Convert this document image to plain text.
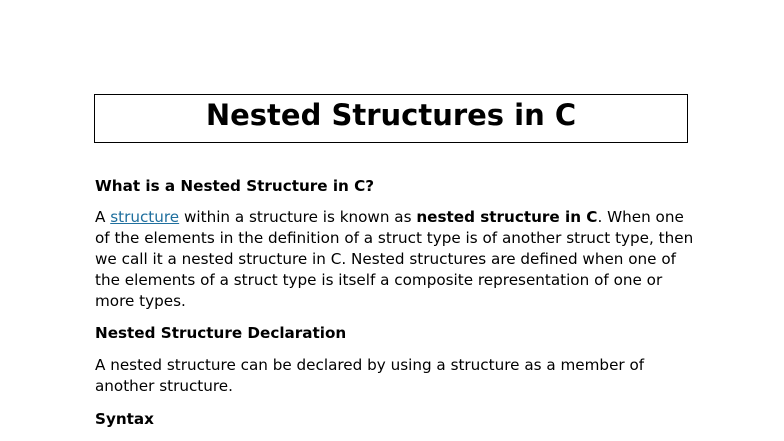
Nested Structures in C

What is a Nested Structure in C?

A structure within a structure is known as nested structure in C. When one of the elements in the definition of a struct type is of another struct type, then we call it a nested structure in C. Nested structures are defined when one of the elements of a struct type is itself a composite representation of one or more types.

Nested Structure Declaration

A nested structure can be declared by using a structure as a member of another structure.

Syntax
